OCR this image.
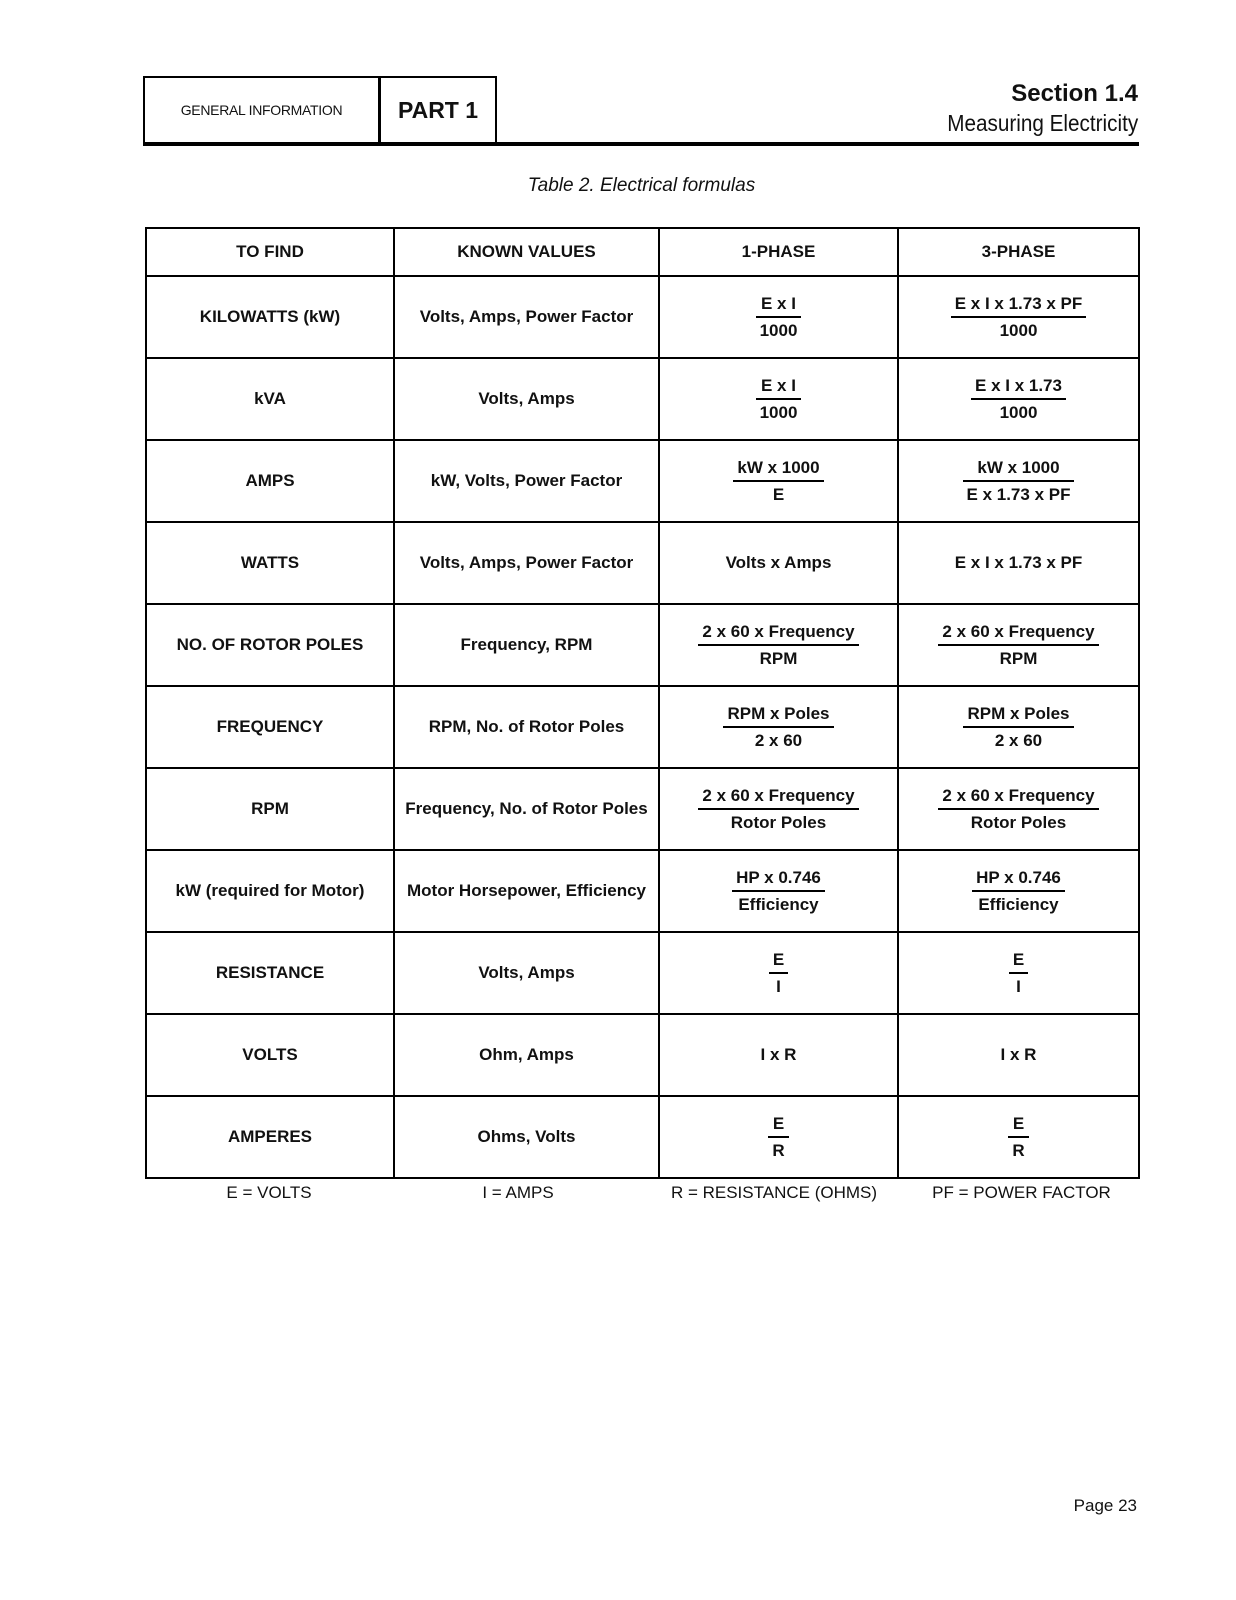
GENERAL INFORMATION PART 1
Section 1.4
Measuring Electricity
Table 2. Electrical formulas
TO FIND	KNOWN VALUES	1-PHASE	3-PHASE
KILOWATTS (kW)	Volts, Amps, Power Factor	$\frac{\text{E x I}}{1000}$	$\frac{\text{E x I x 1.73 x PF}}{1000}$

kVA	Volts, Amps	$\frac{\text{E x I}}{1000}$	$\frac{\text{E x I x 1.73}}{1000}$

AMPS	kW, Volts, Power Factor	$\frac{\text{kW x 1000}}{E}$	$\frac{\text{kW x 1000}}{\text{E x 1.73 x PF}}$

WATTS	Volts, Amps, Power Factor	Volts x Amps	E x I x 1.73 x PF
NO. OF ROTOR POLES	Frequency, RPM	$\frac{\text{2 x 60 x Frequency}}{\text{RPM}}$	$\frac{\text{2 x 60 x Frequency}}{\text{RPM}}$

FREQUENCY	RPM, No. of Rotor Poles	$\frac{\text{RPM x Poles}}{2 x 60}$	$\frac{\text{RPM x Poles}}{2 x 60}$

RPM	Frequency, No. of Rotor Poles	$\frac{\text{2 x 60 x Frequency}}{\text{Rotor Poles}}$	$\frac{\text{2 x 60 x Frequency}}{\text{Rotor Poles}}$

kW (required for Motor)	Motor Horsepower, Efficiency	$\frac{\text{HP x 0.746}}{\text{Efficiency}}$	$\frac{\text{HP x 0.746}}{\text{Efficiency}}$

RESISTANCE	Volts, Amps	$\frac{E}{I}$	$\frac{E}{I}$

VOLTS	Ohm, Amps	I x R	I x R
AMPERES	Ohms, Volts	$\frac{E}{R}$	$\frac{E}{R}$
E = VOLTS	I = AMPS	R = RESISTANCE (OHMS)	PF = POWER FACTOR
Page 23
